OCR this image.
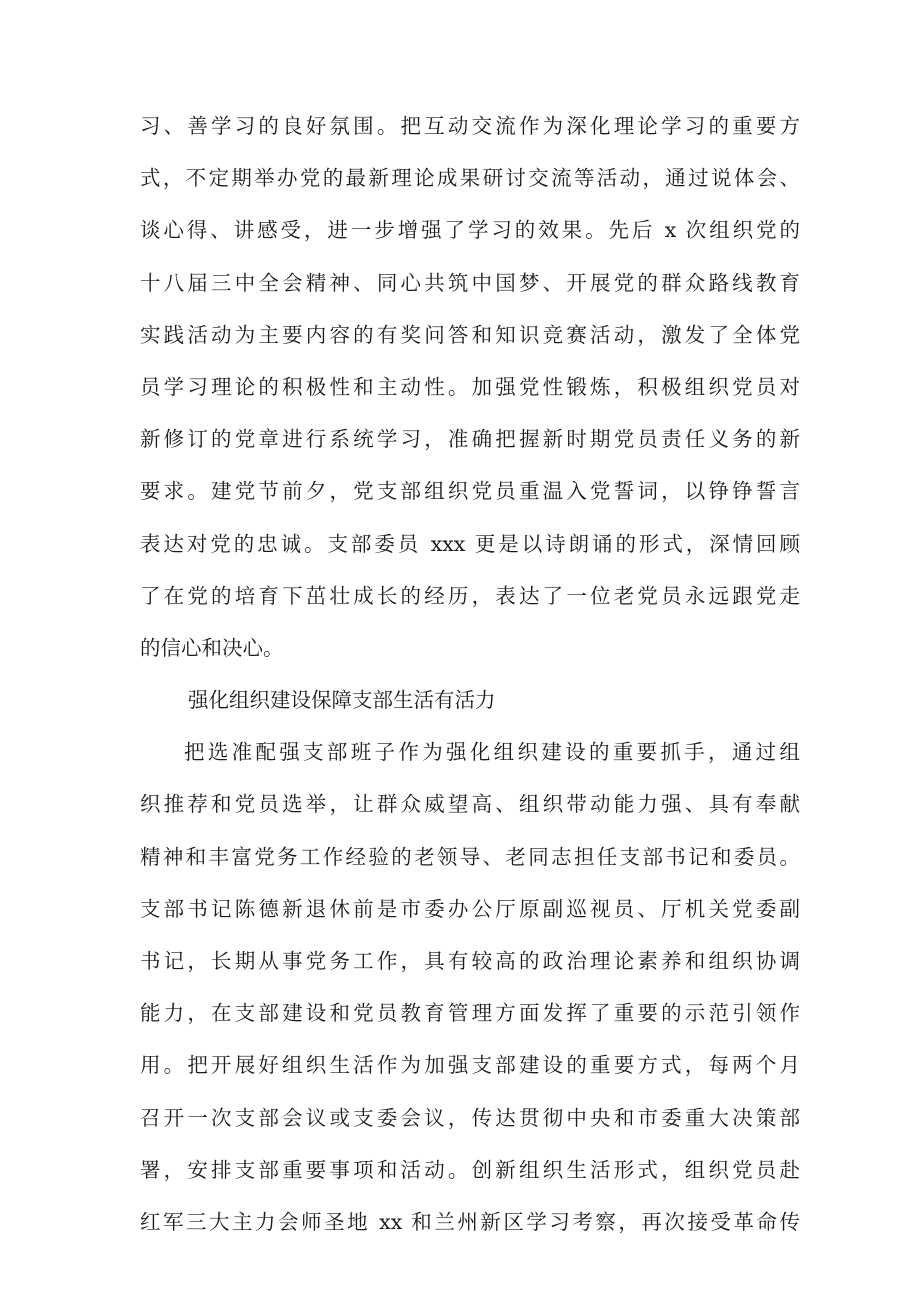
习、善学习的良好氛围。把互动交流作为深化理论学习的重要方
式，不定期举办党的最新理论成果研讨交流等活动，通过说体会、
谈心得、讲感受，进一步增强了学习的效果。先后 x 次组织党的
十八届三中全会精神、同心共筑中国梦、开展党的群众路线教育
实践活动为主要内容的有奖问答和知识竞赛活动，激发了全体党
员学习理论的积极性和主动性。加强党性锻炼，积极组织党员对
新修订的党章进行系统学习，准确把握新时期党员责任义务的新
要求。建党节前夕，党支部组织党员重温入党誓词，以铮铮誓言
表达对党的忠诚。支部委员 xxx 更是以诗朗诵的形式，深情回顾
了在党的培育下茁壮成长的经历，表达了一位老党员永远跟党走
的信心和决心。
强化组织建设保障支部生活有活力
把选准配强支部班子作为强化组织建设的重要抓手，通过组
织推荐和党员选举，让群众威望高、组织带动能力强、具有奉献
精神和丰富党务工作经验的老领导、老同志担任支部书记和委员。
支部书记陈德新退休前是市委办公厅原副巡视员、厅机关党委副
书记，长期从事党务工作，具有较高的政治理论素养和组织协调
能力，在支部建设和党员教育管理方面发挥了重要的示范引领作
用。把开展好组织生活作为加强支部建设的重要方式，每两个月
召开一次支部会议或支委会议，传达贯彻中央和市委重大决策部
署，安排支部重要事项和活动。创新组织生活形式，组织党员赴
红军三大主力会师圣地 xx 和兰州新区学习考察，再次接受革命传
